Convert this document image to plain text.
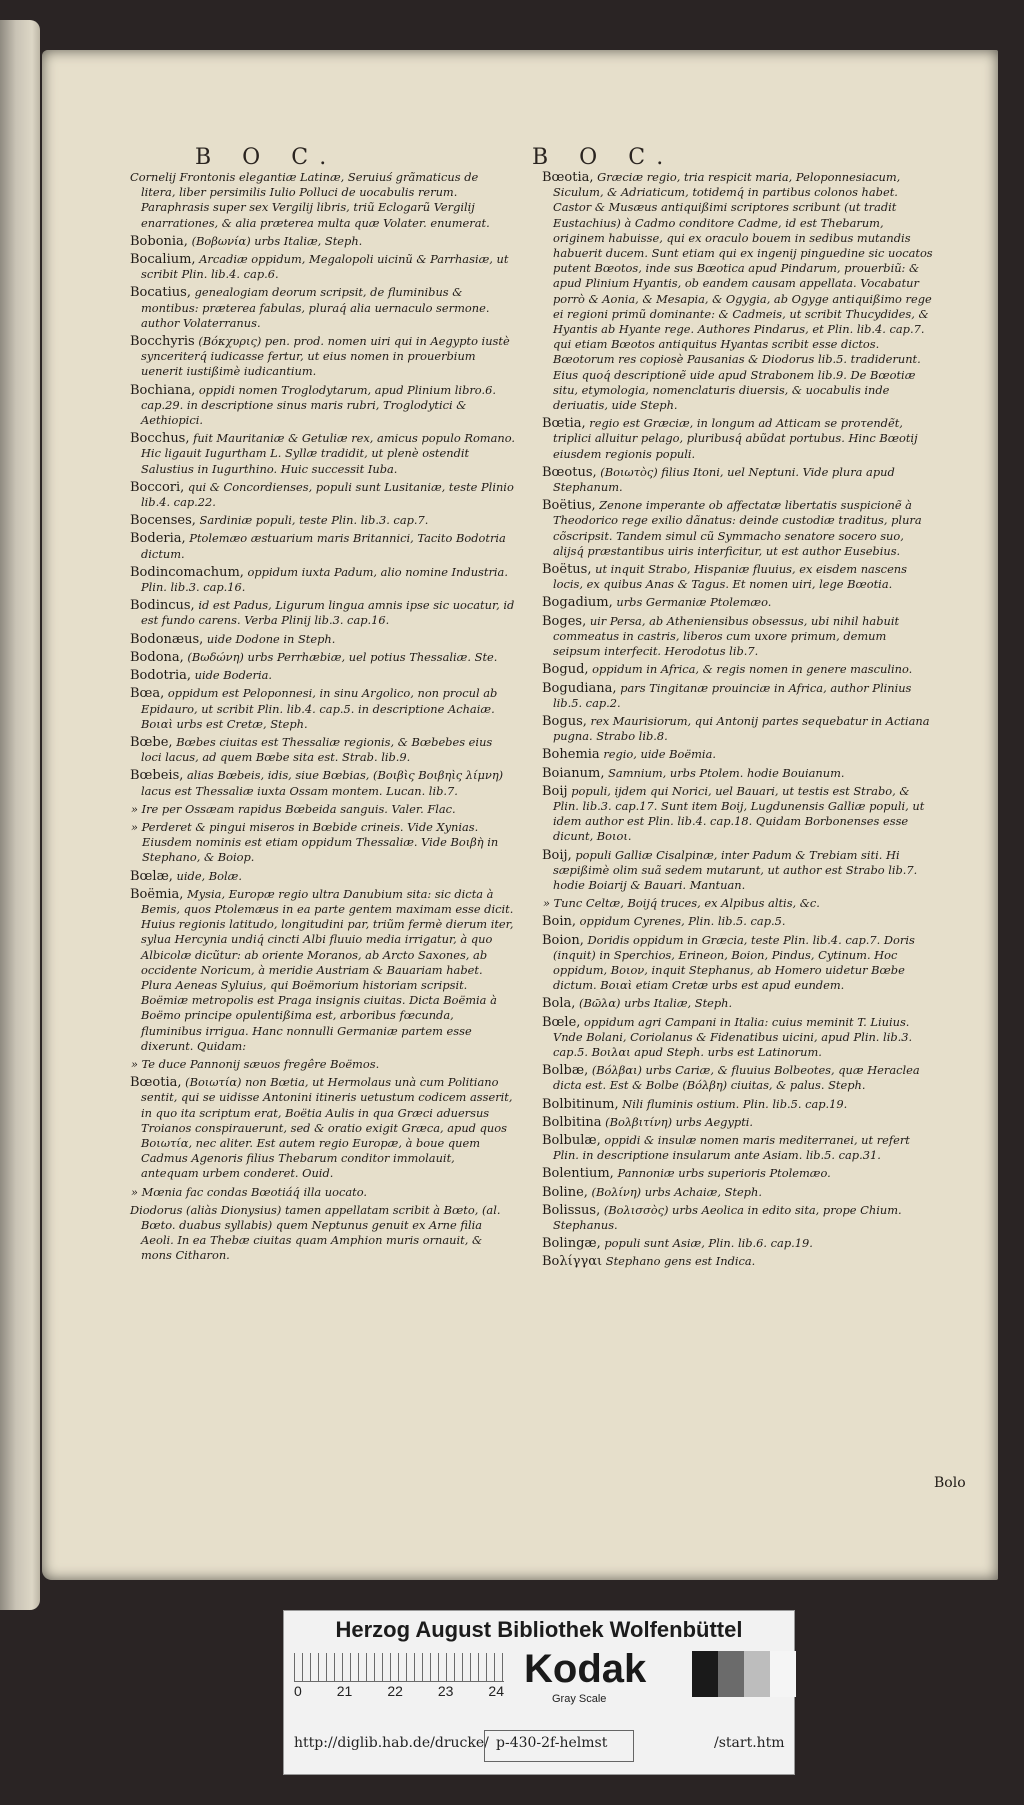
B O C.	B O C.
Cornelij Frontonis elegantiæ Latinæ, Seruiuś grãmaticus de litera, liber persimilis Iulio Polluci de uocabulis rerum. Paraphrasis super sex Vergilij libris, triũ Eclogarũ Vergilij enarrationes, & alia præterea multa quæ Volater. enumerat.
Bobonia, (Βοβωνία) urbs Italiæ, Steph.
Bocalium, Arcadiæ oppidum, Megalopoli uicinũ & Parrhasiæ, ut scribit Plin. lib.4. cap.6.
Bocatius, genealogiam deorum scripsit, de fluminibus & montibus: præterea fabulas, pluraq́ alia uernaculo sermone. author Volaterranus.
Bocchyris (Βόκχυρις) pen. prod. nomen uiri qui in Aegypto iustè synceriterq́ iudicasse fertur, ut eius nomen in prouerbium uenerit iustißimè iudicantium.
Bochiana, oppidi nomen Troglodytarum, apud Plinium libro.6. cap.29. in descriptione sinus maris rubri, Troglodytici & Aethiopici.
Bocchus, fuit Mauritaniæ & Getuliæ rex, amicus populo Romano. Hic ligauit Iugurtham L. Syllæ tradidit, ut plenè ostendit Salustius in Iugurthino. Huic successit Iuba.
Boccori, qui & Concordienses, populi sunt Lusitaniæ, teste Plinio lib.4. cap.22.
Bocenses, Sardiniæ populi, teste Plin. lib.3. cap.7.
Boderia, Ptolemæo æstuarium maris Britannici, Tacito Bodotria dictum.
Bodincomachum, oppidum iuxta Padum, alio nomine Industria. Plin. lib.3. cap.16.
Bodincus, id est Padus, Ligurum lingua amnis ipse sic uocatur, id est fundo carens. Verba Plinij lib.3. cap.16.
Bodonæus, uide Dodone in Steph.
Bodona, (Βωδώνη) urbs Perrhæbiæ, uel potius Thessaliæ. Ste.
Bodotria, uide Boderia.
Bœa, oppidum est Peloponnesi, in sinu Argolico, non procul ab Epidauro, ut scribit Plin. lib.4. cap.5. in descriptione Achaiæ. Βοιαὶ urbs est Cretæ, Steph.
Bœbe, Bœbes ciuitas est Thessaliæ regionis, & Bœbebes eius loci lacus, ad quem Bœbe sita est. Strab. lib.9.
Bœbeis, alias Bœbeis, idis, siue Bœbias, (Βοιβὶς Βοιβηὶς λίμνη) lacus est Thessaliæ iuxta Ossam montem. Lucan. lib.7.
» Ire per Ossæam rapidus Bœbeida sanguis. Valer. Flac.
» Perderet & pingui miseros in Bœbide crineis. Vide Xynias. Eiusdem nominis est etiam oppidum Thessaliæ. Vide Βοιβὴ in Stephano, & Boiop.
Bœlæ, uide, Bolæ.
Boëmia, Mysia, Europæ regio ultra Danubium sita: sic dicta à Bemis, quos Ptolemæus in ea parte gentem maximam esse dicit. Huius regionis latitudo, longitudini par, triũm fermè dierum iter, sylua Hercynia undiq́ cincti Albi fluuio media irrigatur, à quo Albicolæ dicũtur: ab oriente Moranos, ab Arcto Saxones, ab occidente Noricum, à meridie Austriam & Bauariam habet. Plura Aeneas Syluius, qui Boëmorium historiam scripsit. Boëmiæ metropolis est Praga insignis ciuitas. Dicta Boëmia à Boëmo principe opulentißima est, arboribus fœcunda, fluminibus irrigua. Hanc nonnulli Germaniæ partem esse dixerunt. Quidam:
» Te duce Pannonij sæuos fregêre Boëmos.
Bœotia, (Βοιωτία) non Bœtia, ut Hermolaus unà cum Politiano sentit, qui se uidisse Antonini itineris uetustum codicem asserit, in quo ita scriptum erat, Boëtia Aulis in qua Græci aduersus Troianos conspirauerunt, sed & oratio exigit Græca, apud quos Βοιωτία, nec aliter. Est autem regio Europæ, à boue quem Cadmus Agenoris filius Thebarum conditor immolauit, antequam urbem conderet. Ouid.
» Mœnia fac condas Bœotiáq́ illa uocato.
Diodorus (aliàs Dionysius) tamen appellatam scribit à Bœto, (al. Bœto. duabus syllabis) quem Neptunus genuit ex Arne filia Aeoli. In ea Thebæ ciuitas quam Amphion muris ornauit, & mons Citharon.
Bœotia, Græciæ regio, tria respicit maria, Peloponnesiacum, Siculum, & Adriaticum, totidemq́ in partibus colonos habet. Castor & Musæus antiquißimi scriptores scribunt (ut tradit Eustachius) à Cadmo conditore Cadme, id est Thebarum, originem habuisse, qui ex oraculo bouem in sedibus mutandis habuerit ducem. Sunt etiam qui ex ingenij pinguedine sic uocatos putent Bœotos, inde sus Bœotica apud Pindarum, prouerbiũ: & apud Plinium Hyantis, ob eandem causam appellata. Vocabatur porrò & Aonia, & Mesapia, & Ogygia, ab Ogyge antiquißimo rege ei regioni primũ dominante: & Cadmeis, ut scribit Thucydides, & Hyantis ab Hyante rege. Authores Pindarus, et Plin. lib.4. cap.7. qui etiam Bœotos antiquitus Hyantas scribit esse dictos. Bœotorum res copiosè Pausanias & Diodorus lib.5. tradiderunt. Eius quoq́ descriptionẽ uide apud Strabonem lib.9. De Bœotiæ situ, etymologia, nomenclaturis diuersis, & uocabulis inde deriuatis, uide Steph.
Bœtia, regio est Græciæ, in longum ad Atticam se proτendẽt, triplici alluitur pelago, pluribusq́ abũdat portubus. Hinc Bœotij eiusdem regionis populi.
Bœotus, (Βοιωτὸς) filius Itoni, uel Neptuni. Vide plura apud Stephanum.
Boëtius, Zenone imperante ob affectatæ libertatis suspicionẽ à Theodorico rege exilio dãnatus: deinde custodiæ traditus, plura cõscripsit. Tandem simul cũ Symmacho senatore socero suo, alijsq́ præstantibus uiris interficitur, ut est author Eusebius.
Boëtus, ut inquit Strabo, Hispaniæ fluuius, ex eisdem nascens locis, ex quibus Anas & Tagus. Et nomen uiri, lege Bœotia.
Bogadium, urbs Germaniæ Ptolemæo.
Boges, uir Persa, ab Atheniensibus obsessus, ubi nihil habuit commeatus in castris, liberos cum uxore primum, demum seipsum interfecit. Herodotus lib.7.
Bogud, oppidum in Africa, & regis nomen in genere masculino.
Bogudiana, pars Tingitanæ prouinciæ in Africa, author Plinius lib.5. cap.2.
Bogus, rex Maurisiorum, qui Antonij partes sequebatur in Actiana pugna. Strabo lib.8.
Bohemia regio, uide Boëmia.
Boianum, Samnium, urbs Ptolem. hodie Bouianum.
Boij populi, ijdem qui Norici, uel Bauari, ut testis est Strabo, & Plin. lib.3. cap.17. Sunt item Boij, Lugdunensis Galliæ populi, ut idem author est Plin. lib.4. cap.18. Quidam Borbonenses esse dicunt, Βοιοι.
Boij, populi Galliæ Cisalpinæ, inter Padum & Trebiam siti. Hi sæpißimè olim suã sedem mutarunt, ut author est Strabo lib.7. hodie Boiarij & Bauari. Mantuan.
» Tunc Celtæ, Boijq́ truces, ex Alpibus altis, &c.
Boin, oppidum Cyrenes, Plin. lib.5. cap.5.
Boion, Doridis oppidum in Græcia, teste Plin. lib.4. cap.7. Doris (inquit) in Sperchios, Erineon, Boion, Pindus, Cytinum. Hoc oppidum, Βοιον, inquit Stephanus, ab Homero uidetur Bœbe dictum. Βοιαὶ etiam Cretæ urbs est apud eundem.
Bola, (Βῶλα) urbs Italiæ, Steph.
Bœle, oppidum agri Campani in Italia: cuius meminit T. Liuius. Vnde Bolani, Coriolanus & Fidenatibus uicini, apud Plin. lib.3. cap.5. Βοιλαι apud Steph. urbs est Latinorum.
Bolbæ, (Βόλβαι) urbs Cariæ, & fluuius Bolbeotes, quæ Heraclea dicta est. Est & Bolbe (Βόλβη) ciuitas, & palus. Steph.
Bolbitinum, Nili fluminis ostium. Plin. lib.5. cap.19.
Bolbitina (Βολβιτίνη) urbs Aegypti.
Bolbulæ, oppidi & insulæ nomen maris mediterranei, ut refert Plin. in descriptione insularum ante Asiam. lib.5. cap.31.
Bolentium, Pannoniæ urbs superioris Ptolemæo.
Boline, (Βολίνη) urbs Achaiæ, Steph.
Bolissus, (Βολισσὸς) urbs Aeolica in edito sita, prope Chium. Stephanus.
Bolingæ, populi sunt Asiæ, Plin. lib.6. cap.19.
Βολίγγαι Stephano gens est Indica.
Bolo
Herzog August Bibliothek Wolfenbüttel
0 21 22 23 24 Kodak
Gray Scale
http://diglib.hab.de/drucke/ p-430-2f-helmst	/start.htm
